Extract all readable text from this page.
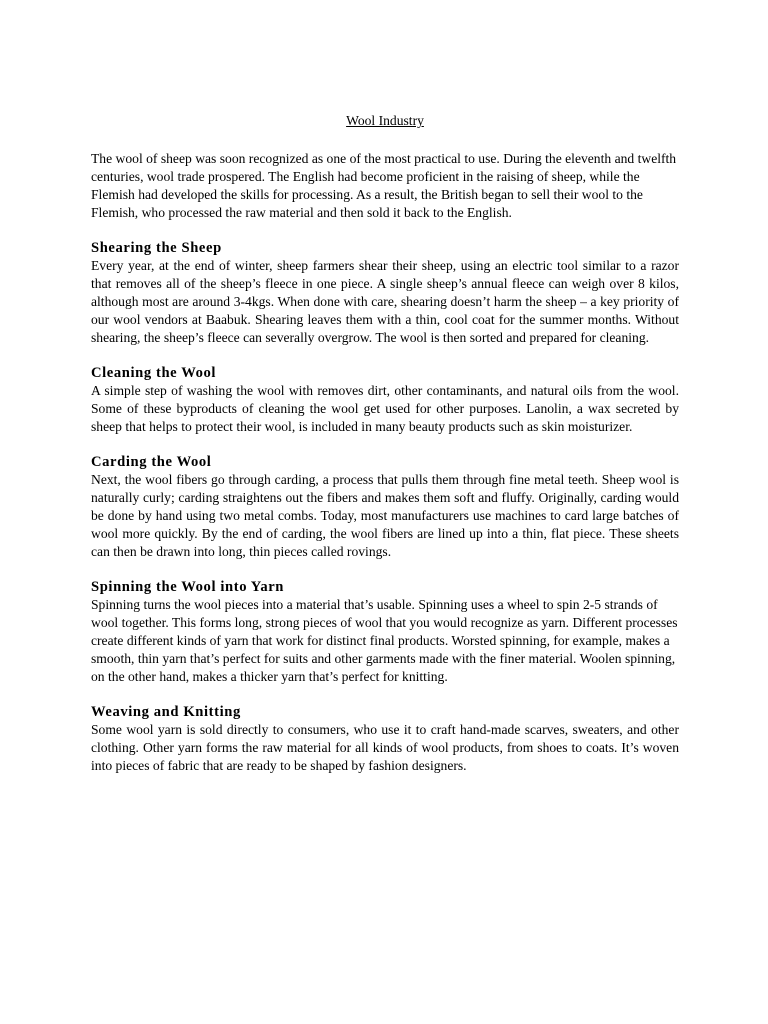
Wool Industry

The wool of sheep was soon recognized as one of the most practical to use. During the eleventh and twelfth centuries, wool trade prospered. The English had become proficient in the raising of sheep, while the Flemish had developed the skills for processing. As a result, the British began to sell their wool to the Flemish, who processed the raw material and then sold it back to the English.

Shearing the Sheep

Every year, at the end of winter, sheep farmers shear their sheep, using an electric tool similar to a razor that removes all of the sheep’s fleece in one piece. A single sheep’s annual fleece can weigh over 8 kilos, although most are around 3-4kgs. When done with care, shearing doesn’t harm the sheep – a key priority of our wool vendors at Baabuk. Shearing leaves them with a thin, cool coat for the summer months. Without shearing, the sheep’s fleece can severally overgrow. The wool is then sorted and prepared for cleaning.

Cleaning the Wool

A simple step of washing the wool with removes dirt, other contaminants, and natural oils from the wool. Some of these byproducts of cleaning the wool get used for other purposes. Lanolin, a wax secreted by sheep that helps to protect their wool, is included in many beauty products such as skin moisturizer.

Carding the Wool

Next, the wool fibers go through carding, a process that pulls them through fine metal teeth. Sheep wool is naturally curly; carding straightens out the fibers and makes them soft and fluffy. Originally, carding would be done by hand using two metal combs. Today, most manufacturers use machines to card large batches of wool more quickly. By the end of carding, the wool fibers are lined up into a thin, flat piece. These sheets can then be drawn into long, thin pieces called rovings.

Spinning the Wool into Yarn

Spinning turns the wool pieces into a material that’s usable. Spinning uses a wheel to spin 2-5 strands of wool together. This forms long, strong pieces of wool that you would recognize as yarn. Different processes create different kinds of yarn that work for distinct final products. Worsted spinning, for example, makes a smooth, thin yarn that’s perfect for suits and other garments made with the finer material. Woolen spinning, on the other hand, makes a thicker yarn that’s perfect for knitting.

Weaving and Knitting

Some wool yarn is sold directly to consumers, who use it to craft hand-made scarves, sweaters, and other clothing. Other yarn forms the raw material for all kinds of wool products, from shoes to coats. It’s woven into pieces of fabric that are ready to be shaped by fashion designers.
